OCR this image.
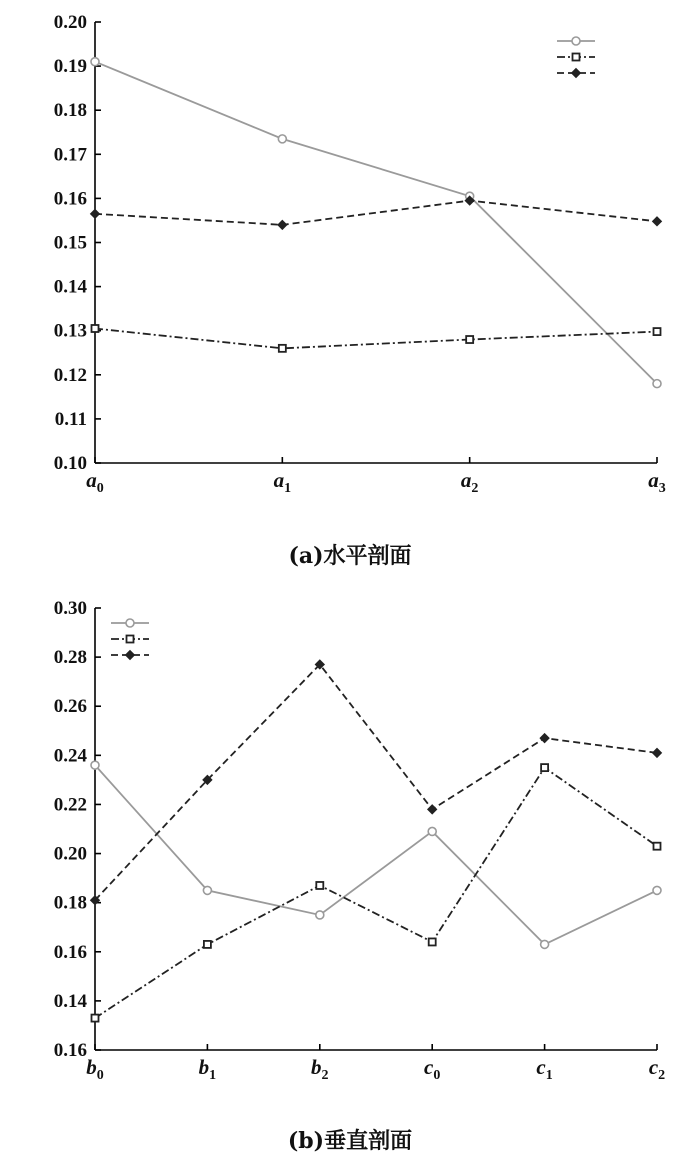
0.10
0.11
0.12
0.13
0.14
0.15
0.16
0.17
0.18
0.19
0.20
$a_0$	$a_1$	$a_2$	$a_3$
(a)水平剖面
0.16
0.14
0.16
0.18
0.20
0.22
0.24
0.26
0.28
0.30
$b_0$	$b_1$	$b_2$	$c_0$	$c_1$	$c_2$
(b)垂直剖面
